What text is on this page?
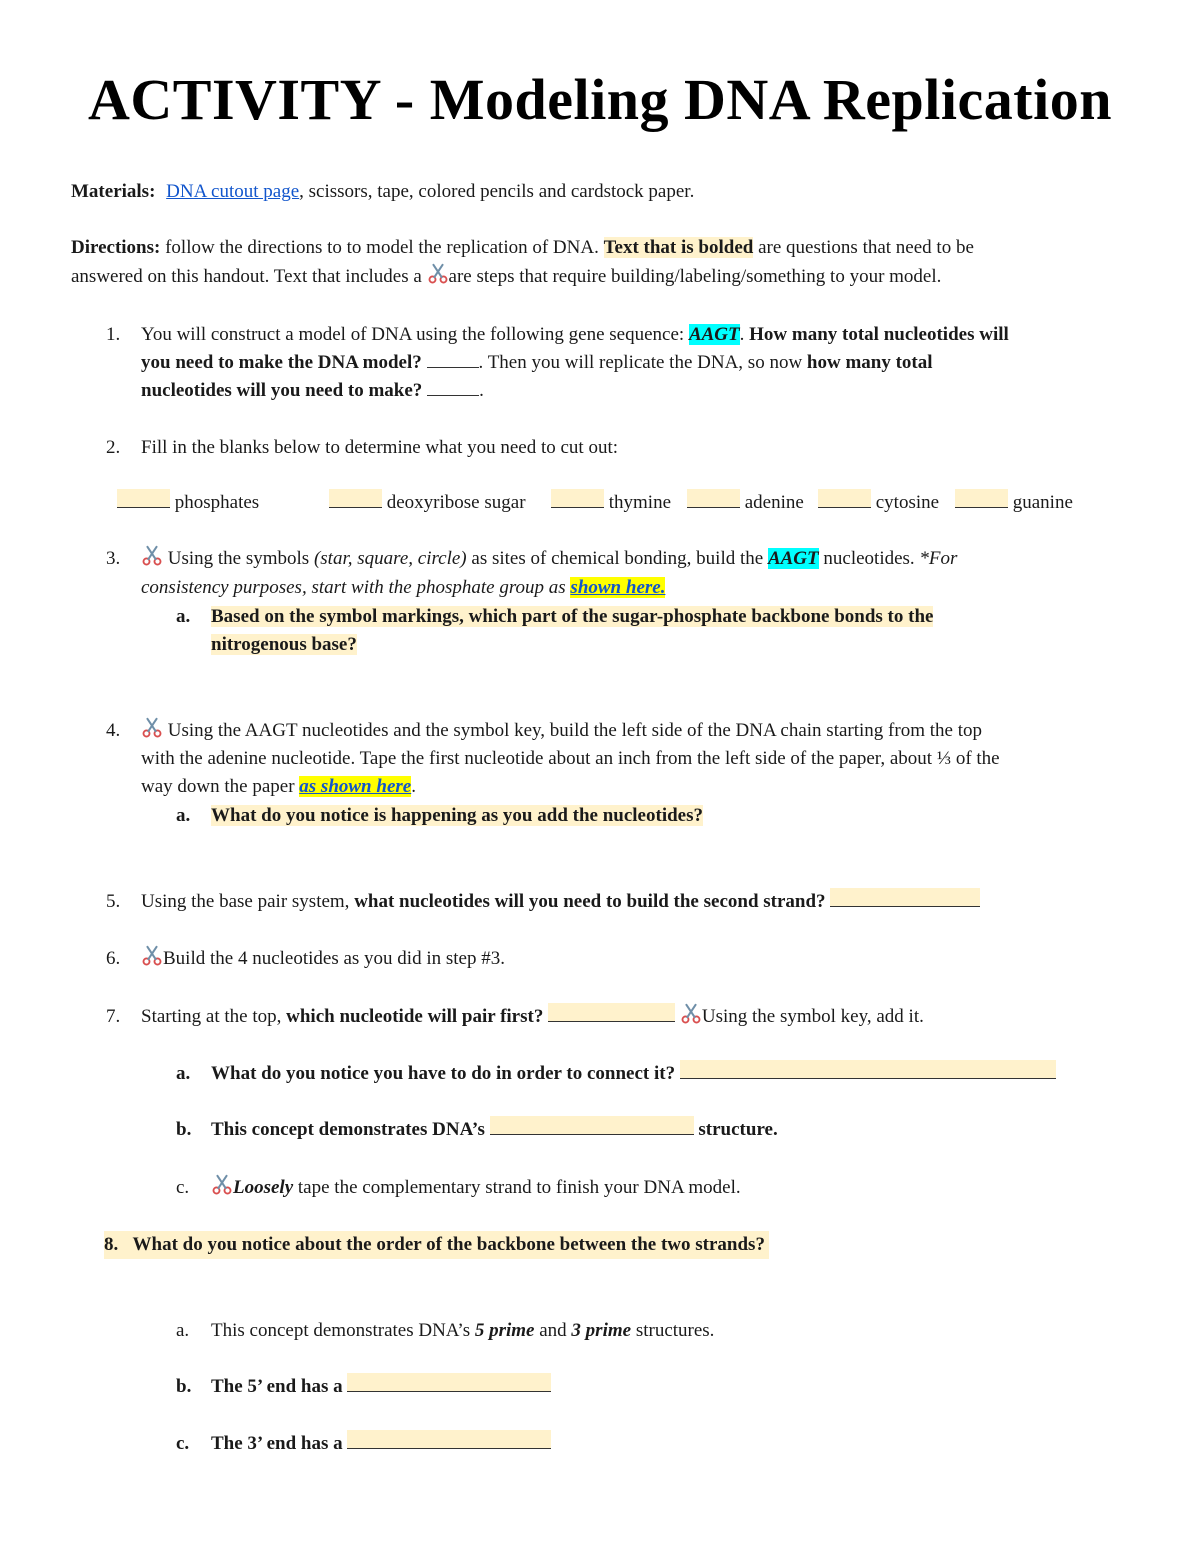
ACTIVITY - Modeling DNA Replication
Materials: DNA cutout page, scissors, tape, colored pencils and cardstock paper.
Directions: follow the directions to to model the replication of DNA. Text that is bolded are questions that need to be
answered on this handout. Text that includes a are steps that require building/labeling/something to your model.
1. You will construct a model of DNA using the following gene sequence: AAGT. How many total nucleotides will
you need to make the DNA model?	. Then you will replicate the DNA, so now how many total
nucleotides will you need to make?	.
2. Fill in the blanks below to determine what you need to cut out:
phosphates	deoxyribose sugar	thymine	adenine	cytosine	guanine
3.	Using the symbols (star, square, circle) as sites of chemical bonding, build the AAGT nucleotides. *For
consistency purposes, start with the phosphate group as shown here.
a. Based on the symbol markings, which part of the sugar-phosphate backbone bonds to the
nitrogenous base?
4.	Using the AAGT nucleotides and the symbol key, build the left side of the DNA chain starting from the top
with the adenine nucleotide. Tape the first nucleotide about an inch from the left side of the paper, about ⅓ of the
way down the paper as shown here.
a. What do you notice is happening as you add the nucleotides?
5. Using the base pair system, what nucleotides will you need to build the second strand?
6.	Build the 4 nucleotides as you did in step #3.
7. Starting at the top, which nucleotide will pair first?	Using the symbol key, add it.
a. What do you notice you have to do in order to connect it?
b. This concept demonstrates DNA’s	structure.
c.	Loosely tape the complementary strand to finish your DNA model.
8. What do you notice about the order of the backbone between the two strands?
a. This concept demonstrates DNA’s 5 prime and 3 prime structures.
b. The 5’ end has a
c. The 3’ end has a
